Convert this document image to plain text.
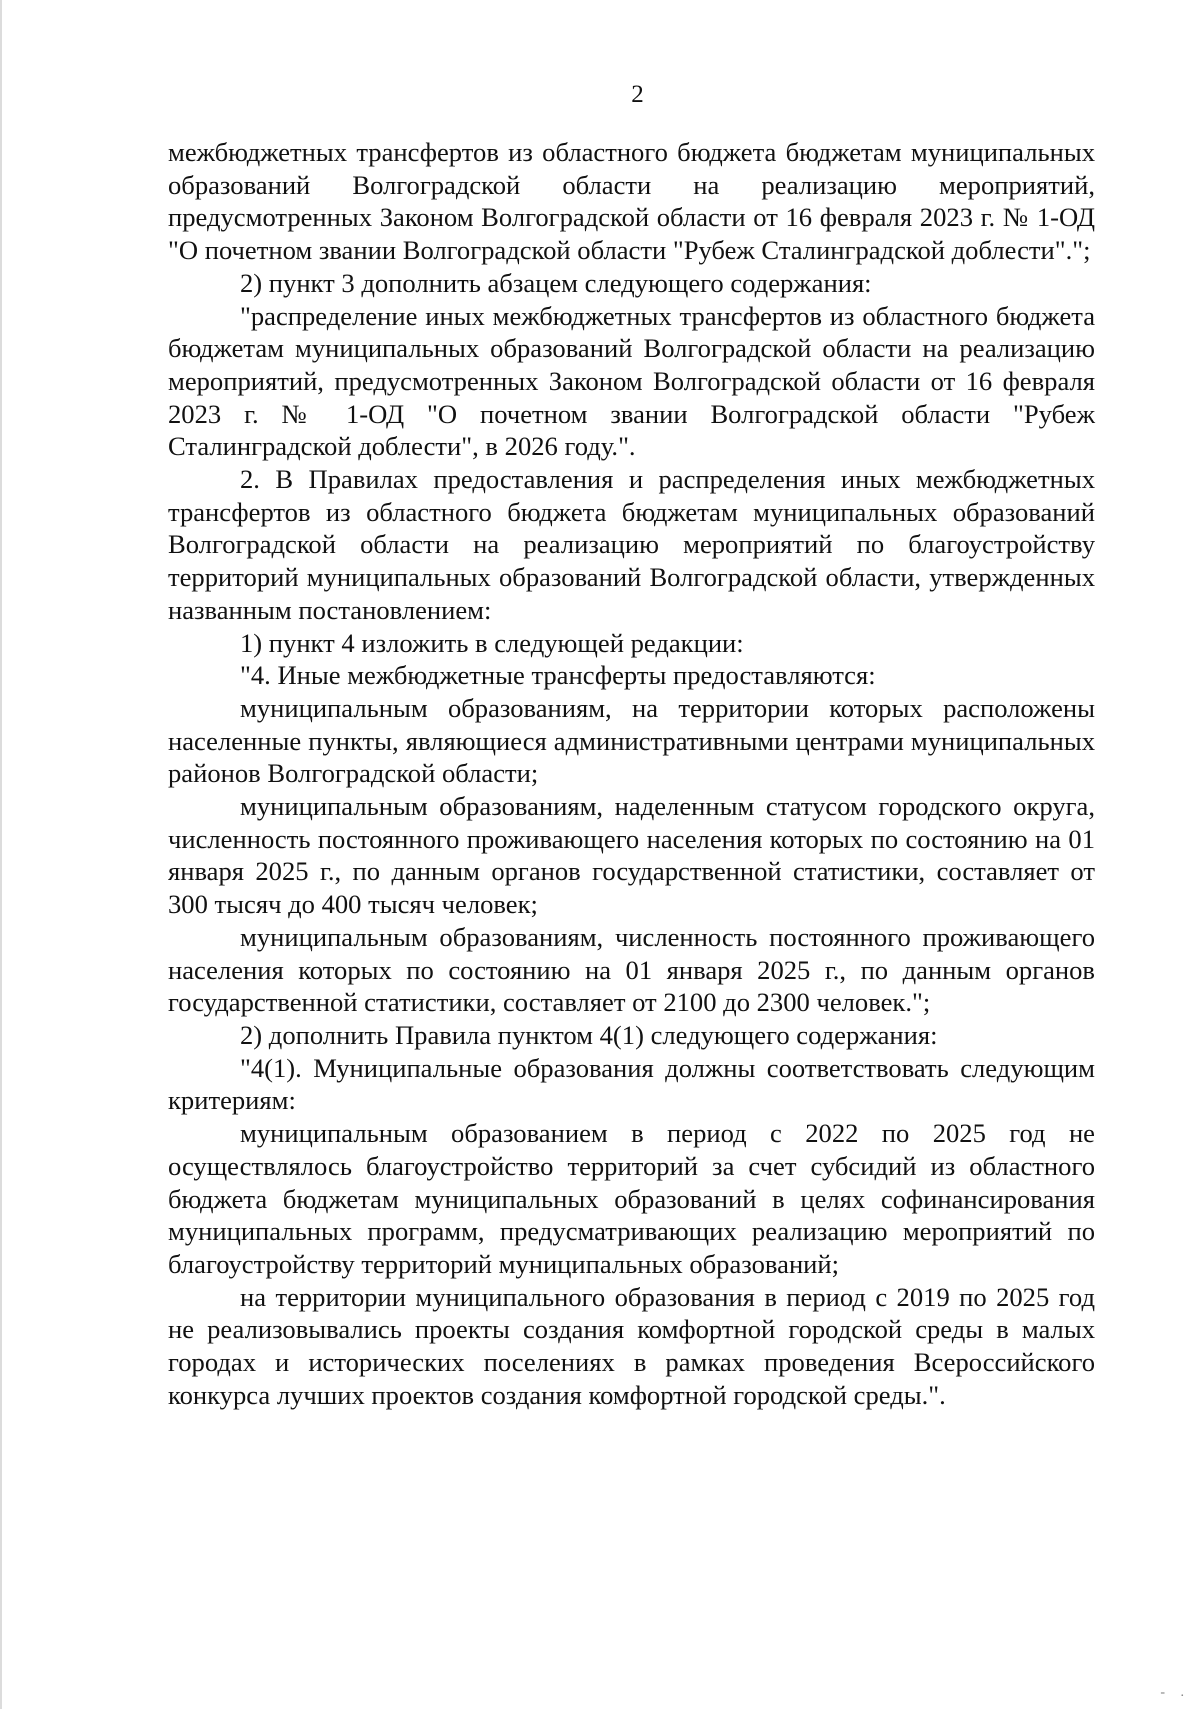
2

межбюджетных трансфертов из областного бюджета бюджетам муниципальных образований Волгоградской области на реализацию мероприятий, предусмотренных Законом Волгоградской области от 16 февраля 2023 г. № 1-ОД "О почетном звании Волгоградской области "Рубеж Сталинградской доблести".";

2) пункт 3 дополнить абзацем следующего содержания:

"распределение иных межбюджетных трансфертов из областного бюджета бюджетам муниципальных образований Волгоградской области на реализацию мероприятий, предусмотренных Законом Волгоградской области от 16 февраля 2023 г. № 1-ОД "О почетном звании Волгоградской области "Рубеж Сталинградской доблести", в 2026 году.".

2. В Правилах предоставления и распределения иных межбюджетных трансфертов из областного бюджета бюджетам муниципальных образований Волгоградской области на реализацию мероприятий по благоустройству территорий муниципальных образований Волгоградской области, утвержденных названным постановлением:

1) пункт 4 изложить в следующей редакции:

"4. Иные межбюджетные трансферты предоставляются:

муниципальным образованиям, на территории которых расположены населенные пункты, являющиеся административными центрами муниципальных районов Волгоградской области;

муниципальным образованиям, наделенным статусом городского округа, численность постоянного проживающего населения которых по состоянию на 01 января 2025 г., по данным органов государственной статистики, составляет от 300 тысяч до 400 тысяч человек;

муниципальным образованиям, численность постоянного проживающего населения которых по состоянию на 01 января 2025 г., по данным органов государственной статистики, составляет от 2100 до 2300 человек.";

2) дополнить Правила пунктом 4(1) следующего содержания:

"4(1). Муниципальные образования должны соответствовать следующим критериям:

муниципальным образованием в период с 2022 по 2025 год не осуществлялось благоустройство территорий за счет субсидий из областного бюджета бюджетам муниципальных образований в целях софинансирования муниципальных программ, предусматривающих реализацию мероприятий по благоустройству территорий муниципальных образований;

на территории муниципального образования в период с 2019 по 2025 год не реализовывались проекты создания комфортной городской среды в малых городах и исторических поселениях в рамках проведения Всероссийского конкурса лучших проектов создания комфортной городской среды.".

- .
